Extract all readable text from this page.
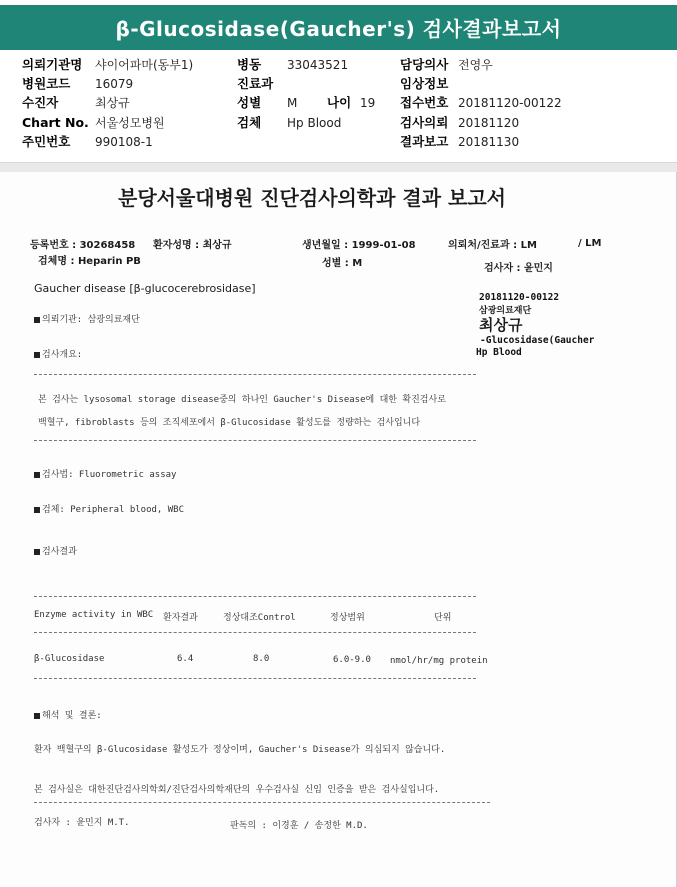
β-Glucosidase(Gaucher's) 검사결과보고서
의뢰기관명 샤이어파마(동부1)	병동 33043521	담당의사 전영우
병원코드 16079	진료과	임상정보
수진자	최상규	성별 M 나이 19 접수번호 20181120-00122
Chart No. 서울성모병원	검체 Hp Blood	검사의뢰 20181120
주민번호 990108-1	결과보고 20181130
분당서울대병원 진단검사의학과 결과 보고서
등록번호 : 30268458 환자성명 : 최상규	생년월일 : 1999-01-08	의뢰처/진료과 : LM	/ LM
검체명 : Heparin PB	성별 : M	검사자 : 윤민지
Gaucher disease [β-glucocerebrosidase]
20181120-00122
삼광의료재단
최상규
-Glucosidase(Gaucher
Hp Blood
의뢰기관: 삼광의료재단
검사개요:
본 검사는 lysosomal storage disease중의 하나인 Gaucher's Disease에 대한 확진검사로
백혈구, fibroblasts 등의 조직세포에서 β-Glucosidase 활성도를 정량하는 검사입니다
검사법: Fluorometric assay
검체: Peripheral blood, WBC
검사결과
Enzyme activity in WBC 환자결과	정상대조Control	정상범위	단위
β-Glucosidase	6.4	8.0	6.0-9.0 nmol/hr/mg protein
해석 및 결론:
환자 백혈구의 β-Glucosidase 활성도가 정상이며, Gaucher's Disease가 의심되지 않습니다.
본 검사실은 대한진단검사의학회/진단검사의학재단의 우수검사실 신임 인증을 받은 검사실입니다.
검사자 : 윤민지 M.T.	판독의 : 이경훈 / 송정한 M.D.
